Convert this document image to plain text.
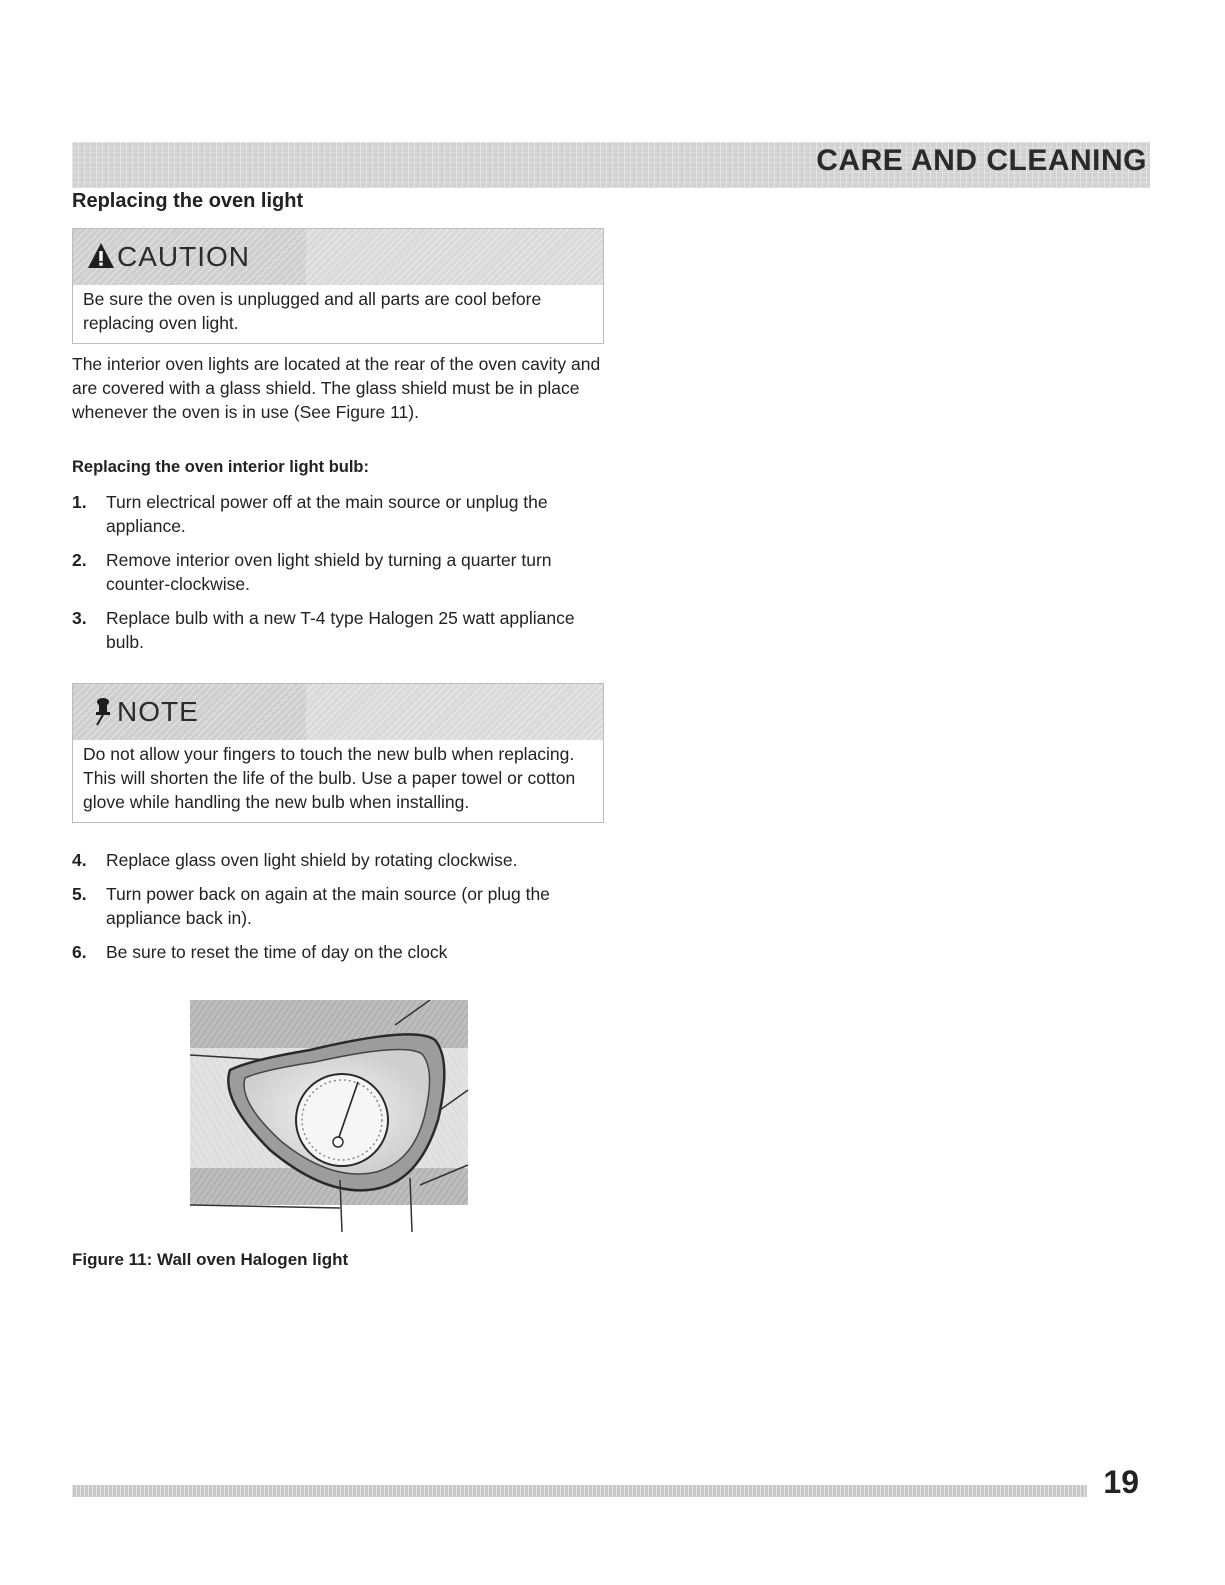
CARE AND CLEANING
Replacing the oven light
CAUTION
Be sure the oven is unplugged and all parts are cool before replacing oven light.

The interior oven lights are located at the rear of the oven cavity and are covered with a glass shield. The glass shield must be in place whenever the oven is in use (See Figure 11).

Replacing the oven interior light bulb:
1. Turn electrical power off at the main source or unplug the appliance.
2. Remove interior oven light shield by turning a quarter turn counter-clockwise.
3. Replace bulb with a new T-4 type Halogen 25 watt appliance bulb.
NOTE
Do not allow your fingers to touch the new bulb when replacing. This will shorten the life of the bulb. Use a paper towel or cotton glove while handling the new bulb when installing.
4. Replace glass oven light shield by rotating clockwise.
5. Turn power back on again at the main source (or plug the appliance back in).
6. Be sure to reset the time of day on the clock
Figure 11: Wall oven Halogen light
19
